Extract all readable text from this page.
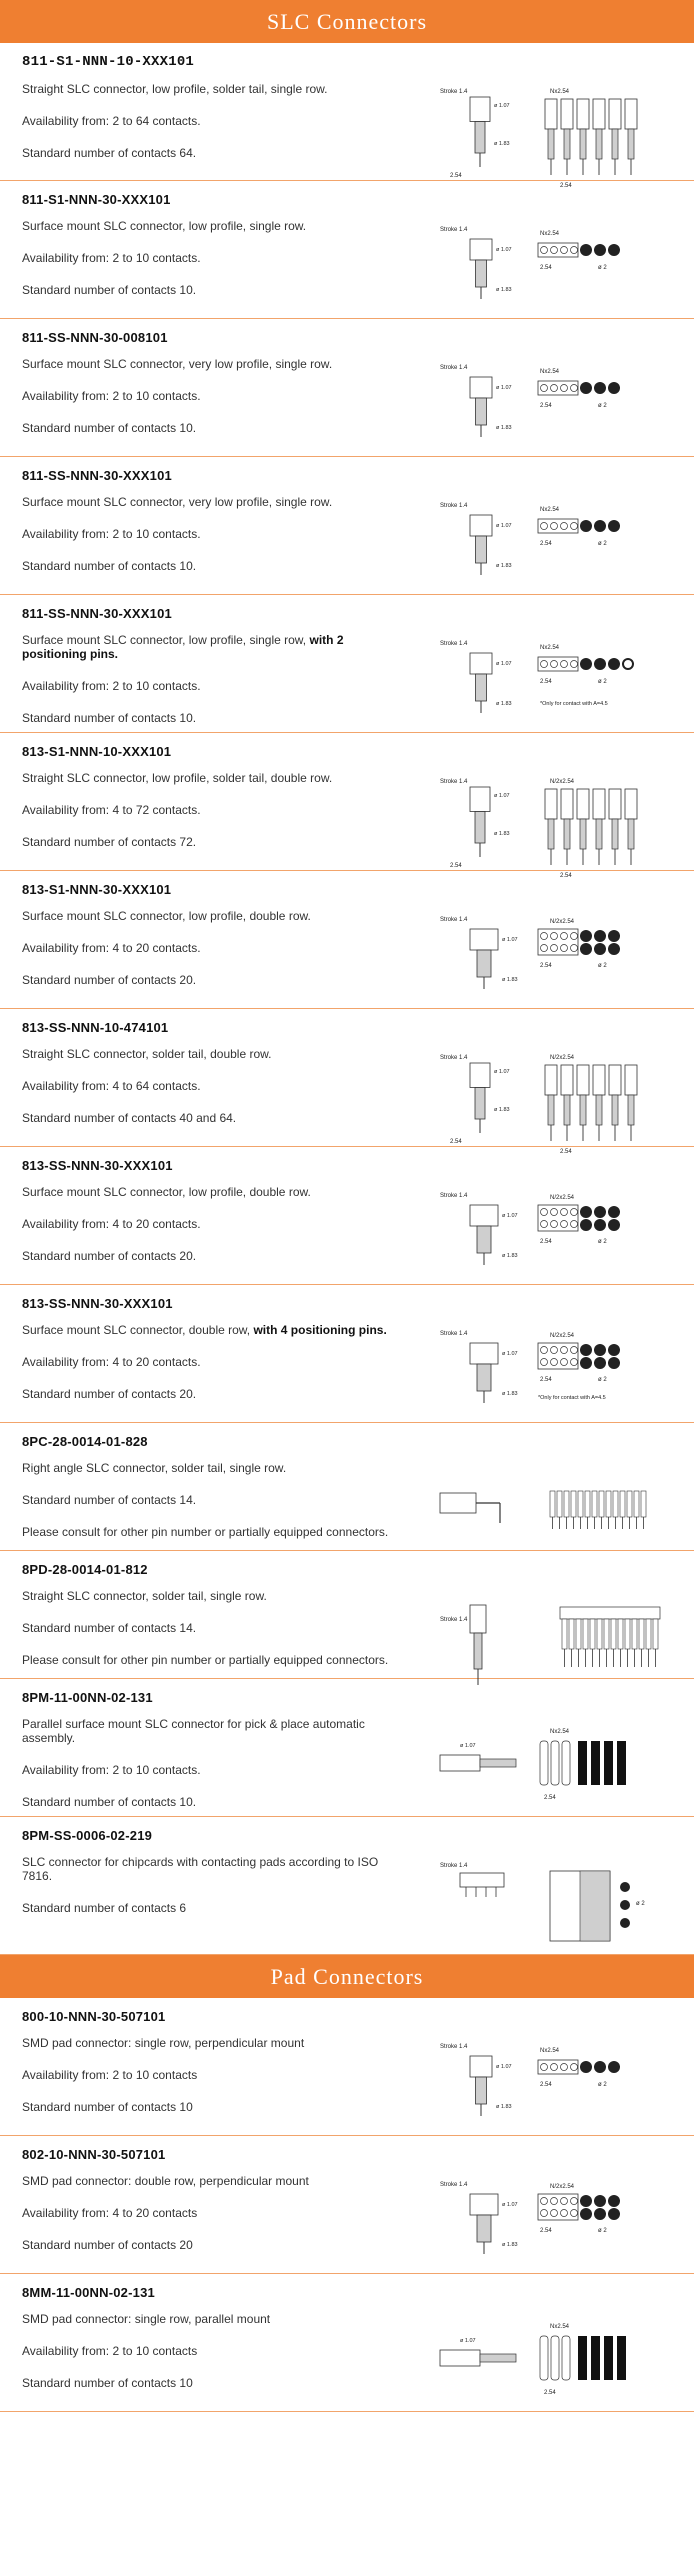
SLC Connectors
811-S1-NNN-10-XXX101

Straight SLC connector, low profile, solder tail, single row.

Availability from: 2 to 64 contacts.

Standard number of contacts 64.

Stroke 1.4
ø 1.07
ø 1.83
2.54
Nx2.54
2.54
811-S1-NNN-30-XXX101

Surface mount SLC connector, low profile, single row.

Availability from: 2 to 10 contacts.

Standard number of contacts 10.

Stroke 1.4
ø 1.07
ø 1.83
Nx2.54
2.54	ø 2
811-SS-NNN-30-008101

Surface mount SLC connector, very low profile, single row.

Availability from: 2 to 10 contacts.

Standard number of contacts 10.

Stroke 1.4
ø 1.07
ø 1.83
Nx2.54
2.54	ø 2
811-SS-NNN-30-XXX101

Surface mount SLC connector, very low profile, single row.

Availability from: 2 to 10 contacts.

Standard number of contacts 10.

Stroke 1.4
ø 1.07
ø 1.83
Nx2.54
2.54	ø 2
811-SS-NNN-30-XXX101

Surface mount SLC connector, low profile, single row, with 2 positioning pins.

Availability from: 2 to 10 contacts.

Standard number of contacts 10.

Stroke 1.4
ø 1.07
ø 1.83
Nx2.54
2.54	ø 2
*Only for contact with A=4.5
813-S1-NNN-10-XXX101

Straight SLC connector, low profile, solder tail, double row.

Availability from: 4 to 72 contacts.

Standard number of contacts 72.

Stroke 1.4
ø 1.07
ø 1.83
2.54
N/2x2.54
2.54
813-S1-NNN-30-XXX101

Surface mount SLC connector, low profile, double row.

Availability from: 4 to 20 contacts.

Standard number of contacts 20.

Stroke 1.4
ø 1.07
ø 1.83
N/2x2.54
2.54	ø 2
813-SS-NNN-10-474101

Straight SLC connector, solder tail, double row.

Availability from: 4 to 64 contacts.

Standard number of contacts 40 and 64.

Stroke 1.4
ø 1.07
ø 1.83
2.54
N/2x2.54
2.54
813-SS-NNN-30-XXX101

Surface mount SLC connector, low profile, double row.

Availability from: 4 to 20 contacts.

Standard number of contacts 20.

Stroke 1.4
ø 1.07
ø 1.83
N/2x2.54
2.54	ø 2
813-SS-NNN-30-XXX101

Surface mount SLC connector, double row, with 4 positioning pins.

Availability from: 4 to 20 contacts.

Standard number of contacts 20.

Stroke 1.4
ø 1.07
ø 1.83
N/2x2.54
2.54	ø 2
*Only for contact with A=4.5
8PC-28-0014-01-828

Right angle SLC connector, solder tail, single row.

Standard number of contacts 14.

Please consult for other pin number or partially equipped connectors.

8PD-28-0014-01-812

Straight SLC connector, solder tail, single row.

Standard number of contacts 14.

Please consult for other pin number or partially equipped connectors.

Stroke 1.4
8PM-11-00NN-02-131

Parallel surface mount SLC connector for pick & place automatic assembly.

Availability from: 2 to 10 contacts.

Standard number of contacts 10.

ø 1.07
Nx2.54
2.54
8PM-SS-0006-02-219

SLC connector for chipcards with contacting pads according to ISO 7816.

Standard number of contacts 6

Stroke 1.4
ø 2
Pad Connectors
800-10-NNN-30-507101

SMD pad connector: single row, perpendicular mount

Availability from: 2 to 10 contacts

Standard number of contacts 10

Stroke 1.4
ø 1.07
ø 1.83
Nx2.54
2.54	ø 2
802-10-NNN-30-507101

SMD pad connector: double row, perpendicular mount

Availability from: 4 to 20 contacts

Standard number of contacts 20

Stroke 1.4
ø 1.07
ø 1.83
N/2x2.54
2.54	ø 2
8MM-11-00NN-02-131

SMD pad connector: single row, parallel mount

Availability from: 2 to 10 contacts

Standard number of contacts 10

ø 1.07
Nx2.54
2.54
